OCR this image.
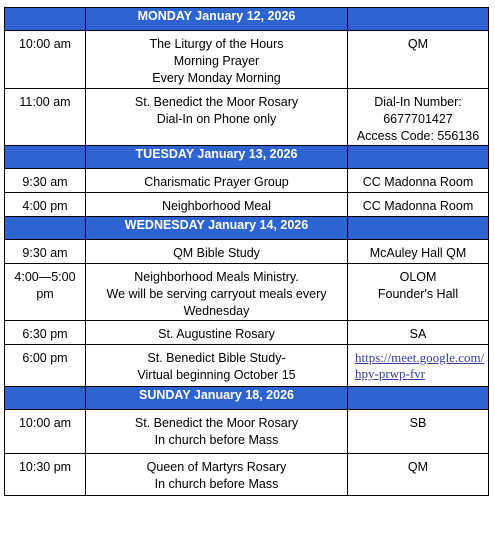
	MONDAY January 12, 2026	
10:00 am	The Liturgy of the Hours
Morning Prayer
Every Monday Morning	QM

11:00 am	St. Benedict the Moor Rosary
Dial-In on Phone only	Dial-In Number:
6677701427
Access Code: 556136

	TUESDAY January 13, 2026	
9:30 am	Charismatic Prayer Group	CC Madonna Room

4:00 pm	Neighborhood Meal	CC Madonna Room

	WEDNESDAY January 14, 2026	
9:30 am	QM Bible Study	McAuley Hall QM

4:00—5:00 pm	Neighborhood Meals Ministry.
We will be serving carryout meals every Wednesday	OLOM
Founder's Hall

6:30 pm	St. Augustine Rosary	SA

6:00 pm	St. Benedict Bible Study-
Virtual beginning October 15	https://meet.google.com/hpy-prwp-fvr

	SUNDAY January 18, 2026	
10:00 am	St. Benedict the Moor Rosary
In church before Mass	SB

10:30 pm	Queen of Martyrs Rosary
In church before Mass	QM
